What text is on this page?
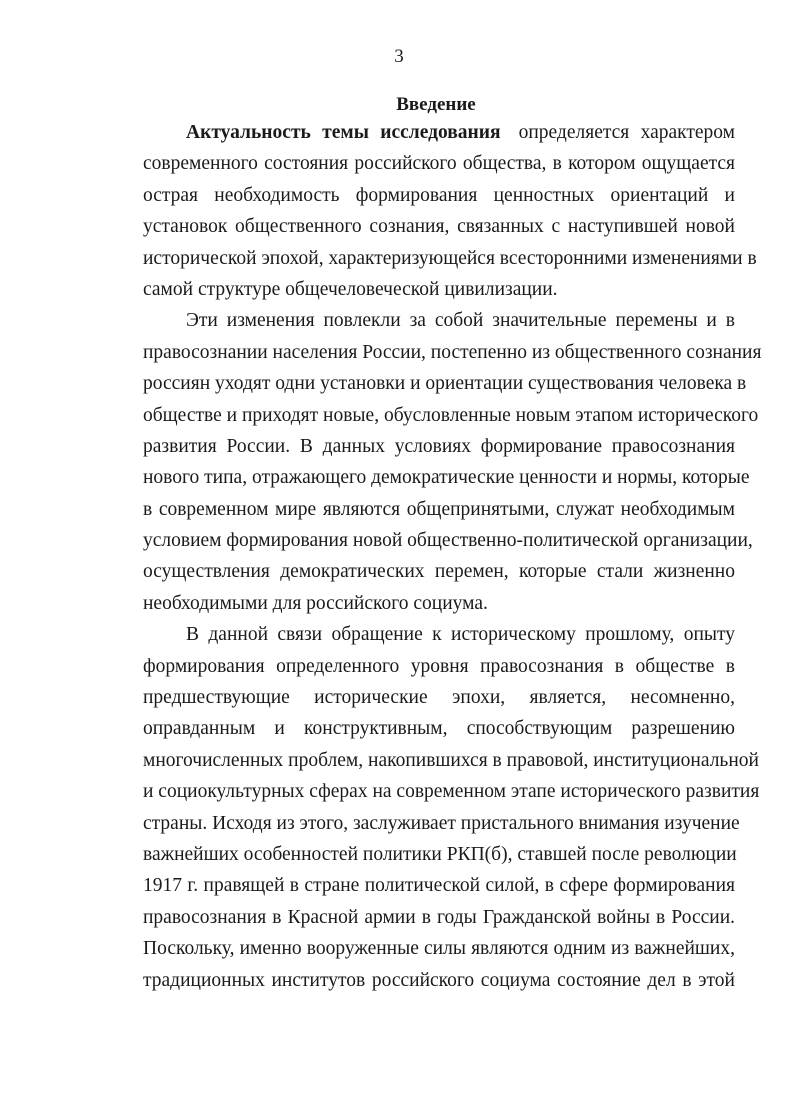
3
Введение
Актуальность темы исследования определяется характером
современного состояния российского общества, в котором ощущается
острая необходимость формирования ценностных ориентаций и
установок общественного сознания, связанных с наступившей новой
исторической эпохой, характеризующейся всесторонними изменениями в
самой структуре общечеловеческой цивилизации.
Эти изменения повлекли за собой значительные перемены и в
правосознании населения России, постепенно из общественного сознания
россиян уходят одни установки и ориентации существования человека в
обществе и приходят новые, обусловленные новым этапом исторического
развития России. В данных условиях формирование правосознания
нового типа, отражающего демократические ценности и нормы, которые
в современном мире являются общепринятыми, служат необходимым
условием формирования новой общественно-политической организации,
осуществления демократических перемен, которые стали жизненно
необходимыми для российского социума.
В данной связи обращение к историческому прошлому, опыту
формирования определенного уровня правосознания в обществе в
предшествующие исторические эпохи, является, несомненно,
оправданным и конструктивным, способствующим разрешению
многочисленных проблем, накопившихся в правовой, институциональной
и социокультурных сферах на современном этапе исторического развития
страны. Исходя из этого, заслуживает пристального внимания изучение
важнейших особенностей политики РКП(б), ставшей после революции
1917 г. правящей в стране политической силой, в сфере формирования
правосознания в Красной армии в годы Гражданской войны в России.
Поскольку, именно вооруженные силы являются одним из важнейших,
традиционных институтов российского социума состояние дел в этой
